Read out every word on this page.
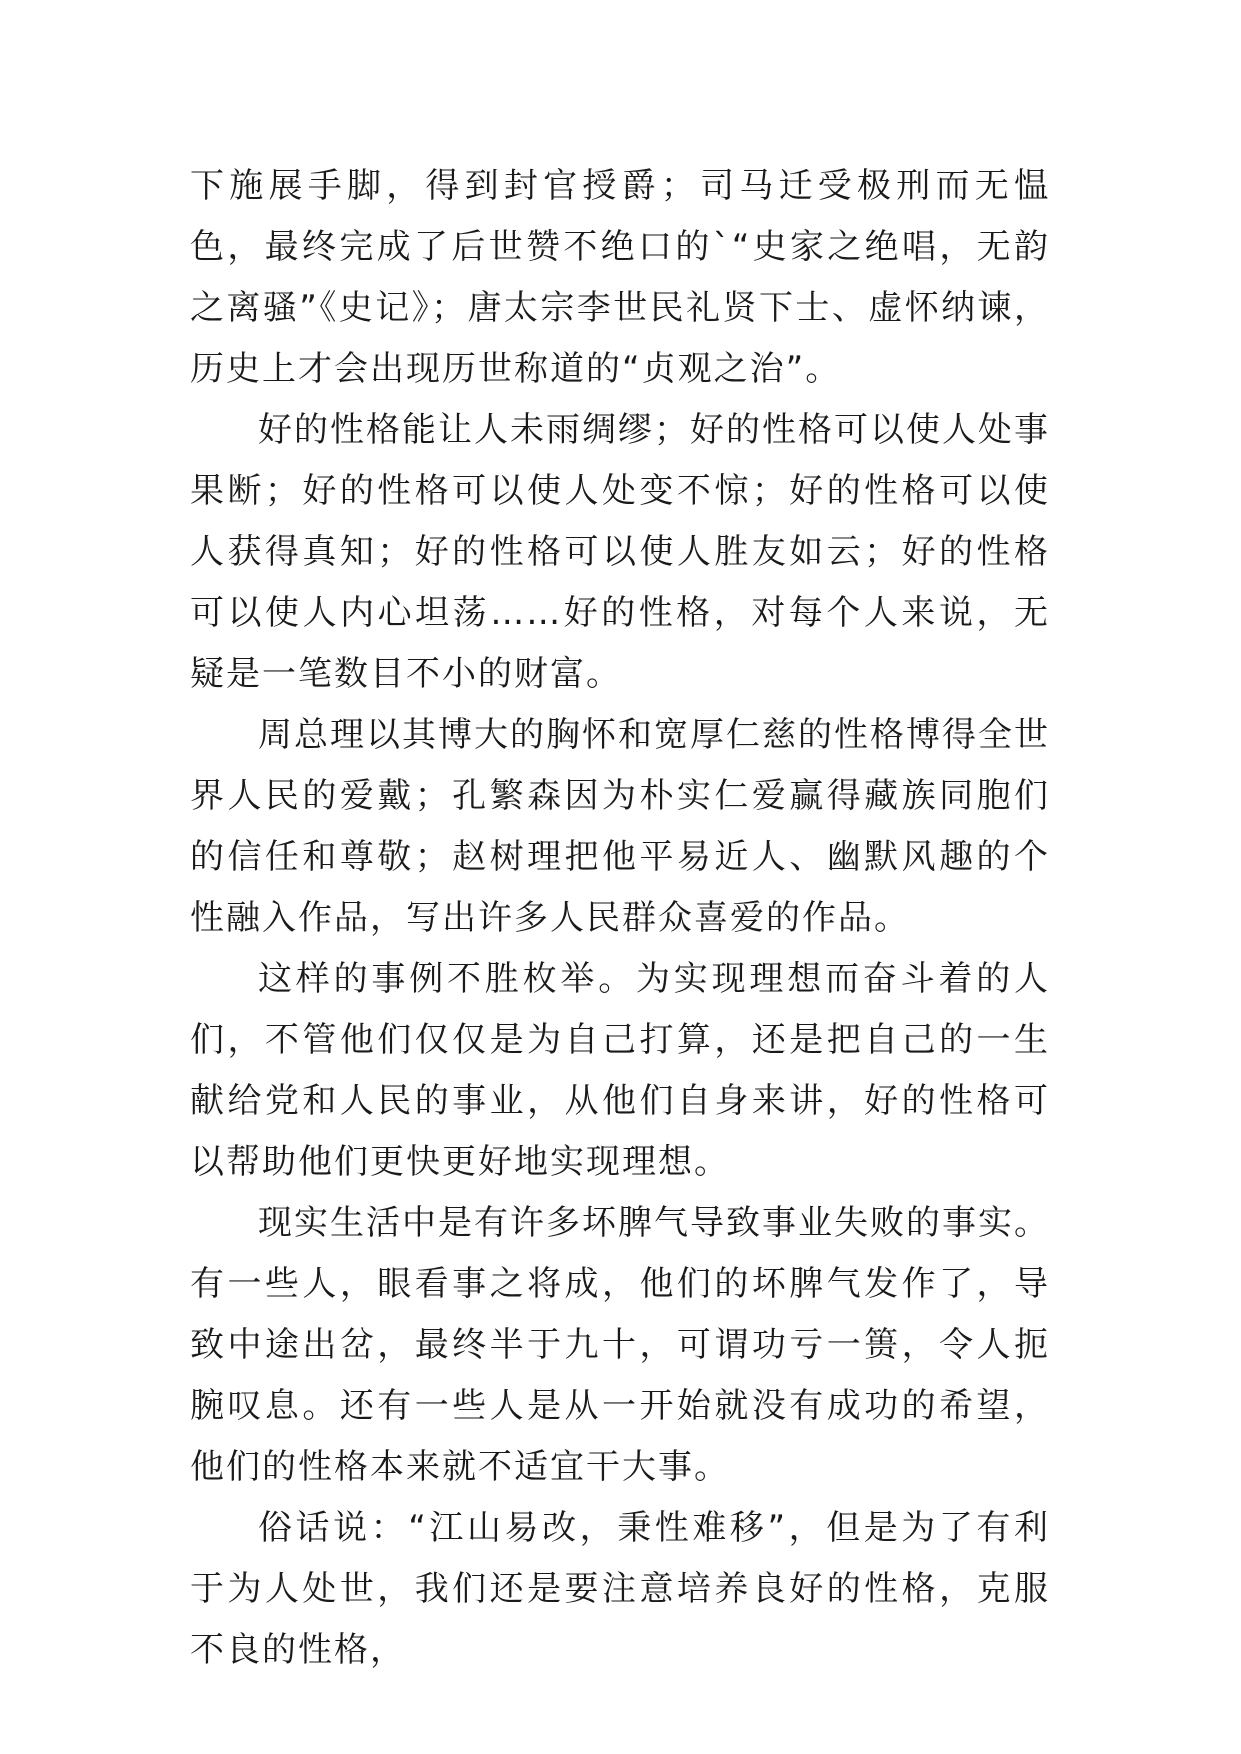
下施展手脚，得到封官授爵；司马迁受极刑而无愠色，最终完成了后世赞不绝口的`“史家之绝唱，无韵之离骚”《史记》；唐太宗李世民礼贤下士、虚怀纳谏，历史上才会出现历世称道的“贞观之治”。

好的性格能让人未雨绸缪；好的性格可以使人处事果断；好的性格可以使人处变不惊；好的性格可以使人获得真知；好的性格可以使人胜友如云；好的性格可以使人内心坦荡……好的性格，对每个人来说，无疑是一笔数目不小的财富。

周总理以其博大的胸怀和宽厚仁慈的性格博得全世界人民的爱戴；孔繁森因为朴实仁爱赢得藏族同胞们的信任和尊敬；赵树理把他平易近人、幽默风趣的个性融入作品，写出许多人民群众喜爱的作品。

这样的事例不胜枚举。为实现理想而奋斗着的人们，不管他们仅仅是为自己打算，还是把自己的一生献给党和人民的事业，从他们自身来讲，好的性格可以帮助他们更快更好地实现理想。

现实生活中是有许多坏脾气导致事业失败的事实。有一些人，眼看事之将成，他们的坏脾气发作了，导致中途出岔，最终半于九十，可谓功亏一篑，令人扼腕叹息。还有一些人是从一开始就没有成功的希望，他们的性格本来就不适宜干大事。

俗话说：“江山易改，秉性难移”，但是为了有利于为人处世，我们还是要注意培养良好的性格，克服不良的性格，
